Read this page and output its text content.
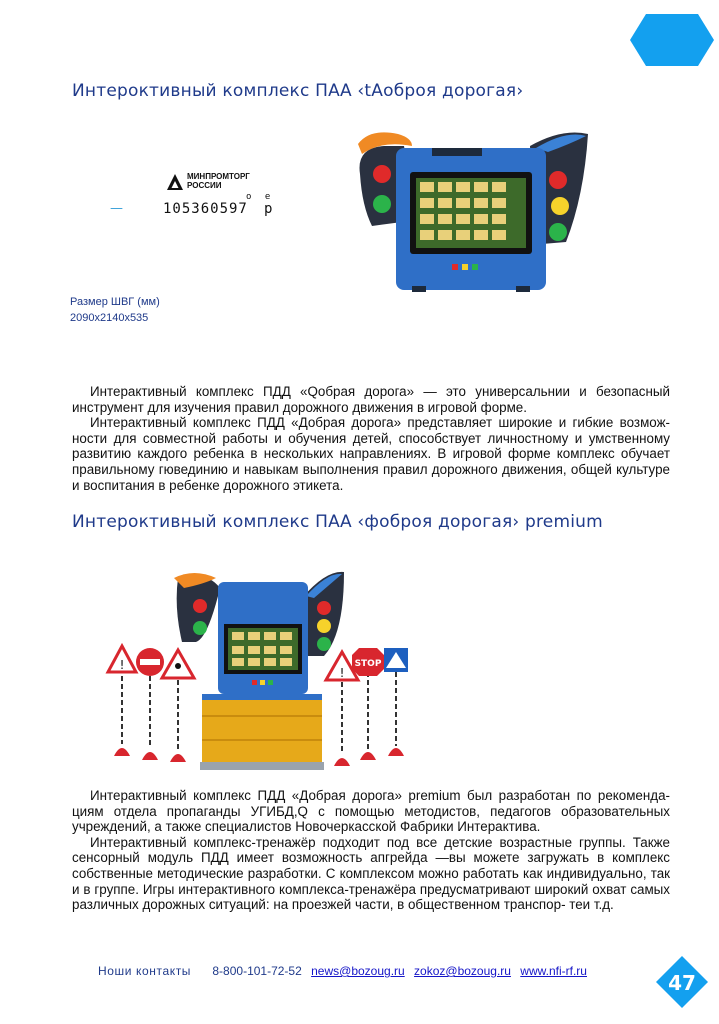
Интероктивный комплекс ПАА ‹tAоброя дорогая›
МИНПРОМТОРГ
РОССИИ
—	105360597
о е
р
Размер ШВГ (мм)
2090x2140x535

Интерактивный комплекс ПДД «Qобрая дорога» — это универсальнии и безопасный инструмент для изучения правил дорожного движения в игровой форме.

Интерактивный комплекс ПДД «Добрая дорога» представляет широкие и гибкие возмож- ности для совместной работы и обучения детей, способствует личностному и умственному развитию каждого ребенка в нескольких направлениях. В игровой форме комплекс обучает правильному гювединию и навыкам выполнения правил дорожного движения, общей культуре и воспитания в ребенке дорожного этикета.

Интероктивный комплекс ПАА ‹фоброя дорогая› premium
!
!
STOP

Интерактивный комплекс ПДД «Добрая дорога» premium был разработан по рекоменда- циям отдела пропаганды УГИБД,Q с помощью методистов, педагогов образовательных учреждений, а также специалистов Новочеркасской Фабрики Интерактива.

Интерактивный комплекс-тренажёр подходит под все детские возрастные группы. Также сенсорный модуль ПДД имеет возможность апгрейда —вы можете загружать в комплекс собственные методические разработки. С комплексом можно работать как индивидуально, так и в группе. Игры интерактивного комплекса-тренажёра предусматривают широкий охват самых различных дорожных ситуаций: на проезжей части, в общественном транспор- теи т.д.

Ноши контакты 8-800-101-72-52 news@bozoug.ru zokoz@bozoug.ru www.nfi-rf.ru	47
